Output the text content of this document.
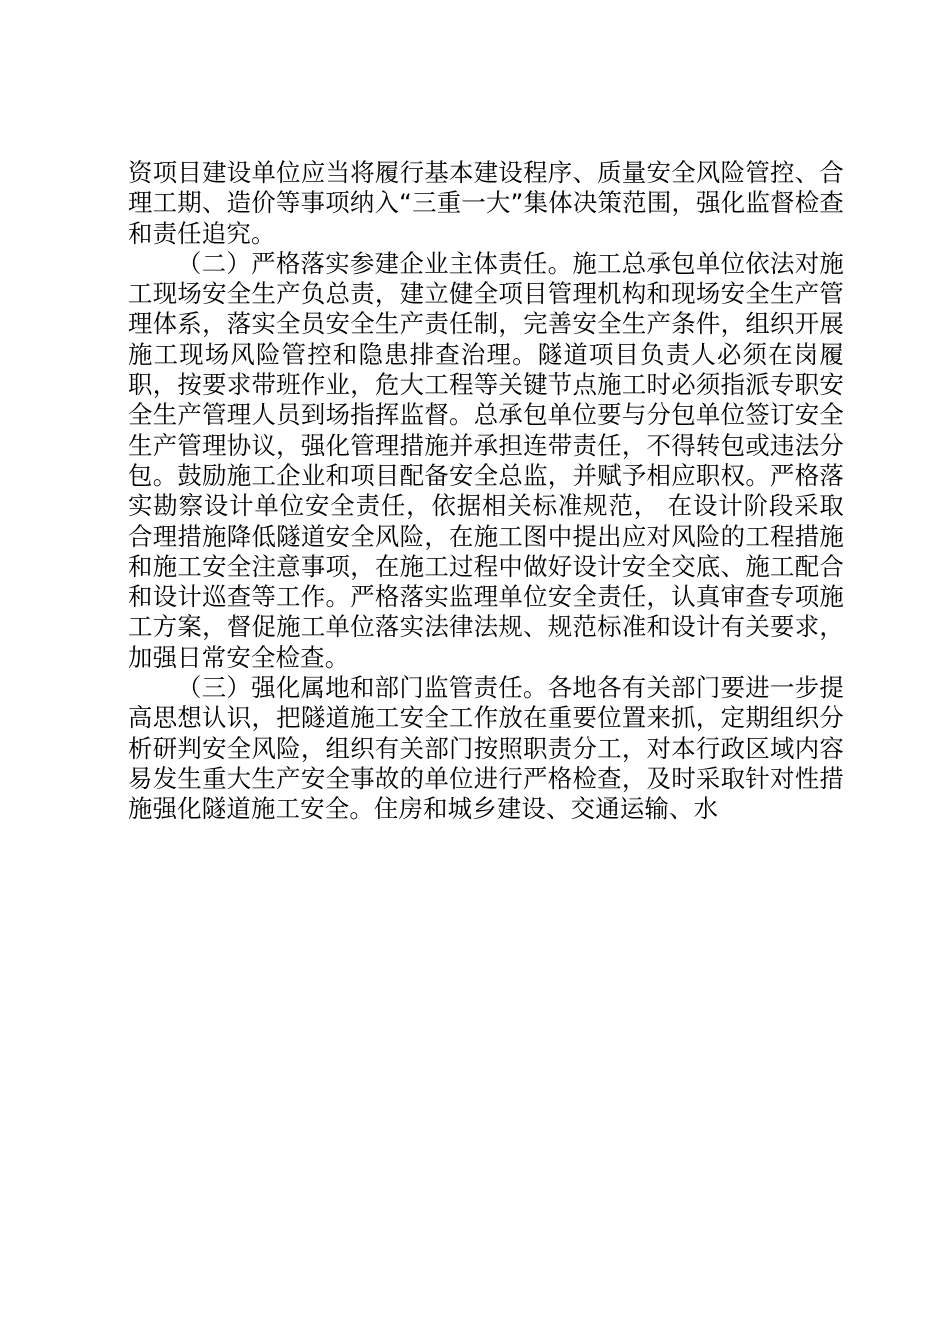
资项目建设单位应当将履行基本建设程序、质量安全风险管控、合理工期、造价等事项纳入“三重一大”集体决策范围，强化监督检查和责任追究。

（二）严格落实参建企业主体责任。施工总承包单位依法对施工现场安全生产负总责，建立健全项目管理机构和现场安全生产管理体系，落实全员安全生产责任制，完善安全生产条件，组织开展施工现场风险管控和隐患排查治理。隧道项目负责人必须在岗履职，按要求带班作业，危大工程等关键节点施工时必须指派专职安全生产管理人员到场指挥监督。总承包单位要与分包单位签订安全生产管理协议，强化管理措施并承担连带责任，不得转包或违法分包。鼓励施工企业和项目配备安全总监，并赋予相应职权。严格落实勘察设计单位安全责任，依据相关标准规范， 在设计阶段采取合理措施降低隧道安全风险，在施工图中提出应对风险的工程措施和施工安全注意事项，在施工过程中做好设计安全交底、施工配合和设计巡查等工作。严格落实监理单位安全责任，认真审查专项施工方案，督促施工单位落实法律法规、规范标准和设计有关要求，加强日常安全检查。

（三）强化属地和部门监管责任。各地各有关部门要进一步提高思想认识，把隧道施工安全工作放在重要位置来抓，定期组织分析研判安全风险，组织有关部门按照职责分工，对本行政区域内容易发生重大生产安全事故的单位进行严格检查，及时采取针对性措施强化隧道施工安全。住房和城乡建设、交通运输、水
